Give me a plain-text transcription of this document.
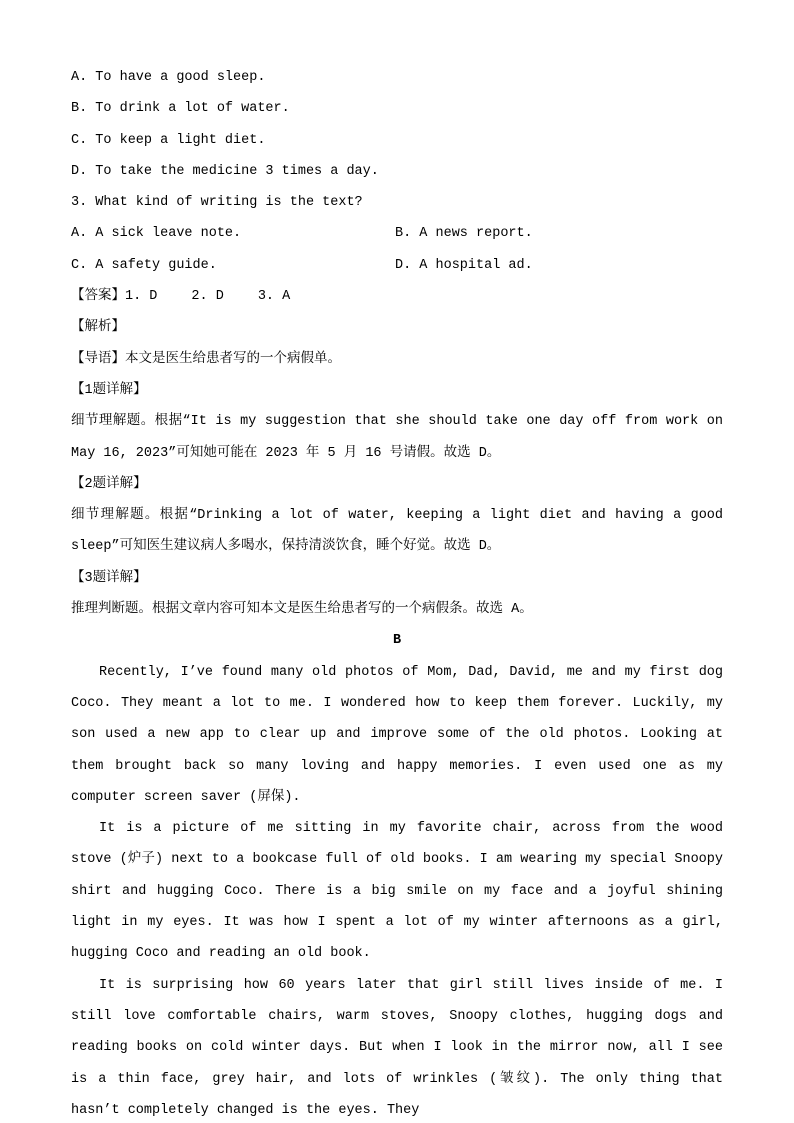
A. To have a good sleep.

B. To drink a lot of water.

C. To keep a light diet.

D. To take the medicine 3 times a day.

3. What kind of writing is the text?

A. A sick leave note.	B. A news report.
C. A safety guide.	D. A hospital ad.

【答案】1. D	2. D	3. A

【解析】

【导语】本文是医生给患者写的一个病假单。

【1题详解】

细节理解题。根据“It is my suggestion that she should take one day off from work on May 16, 2023”可知她可能在 2023 年 5 月 16 号请假。故选 D。

【2题详解】

细节理解题。根据“Drinking a lot of water, keeping a light diet and having a good sleep”可知医生建议病人多喝水，保持清淡饮食，睡个好觉。故选 D。

【3题详解】

推理判断题。根据文章内容可知本文是医生给患者写的一个病假条。故选 A。

B

Recently, I’ve found many old photos of Mom, Dad, David, me and my first dog Coco. They meant a lot to me. I wondered how to keep them forever. Luckily, my son used a new app to clear up and improve some of the old photos. Looking at them brought back so many loving and happy memories. I even used one as my computer screen saver (屏保).

It is a picture of me sitting in my favorite chair, across from the wood stove (炉子) next to a bookcase full of old books. I am wearing my special Snoopy shirt and hugging Coco. There is a big smile on my face and a joyful shining light in my eyes. It was how I spent a lot of my winter afternoons as a girl, hugging Coco and reading an old book.

It is surprising how 60 years later that girl still lives inside of me. I still love comfortable chairs, warm stoves, Snoopy clothes, hugging dogs and reading books on cold winter days. But when I look in the mirror now, all I see is a thin face, grey hair, and lots of wrinkles (皱纹). The only thing that hasn’t completely changed is the eyes. They
